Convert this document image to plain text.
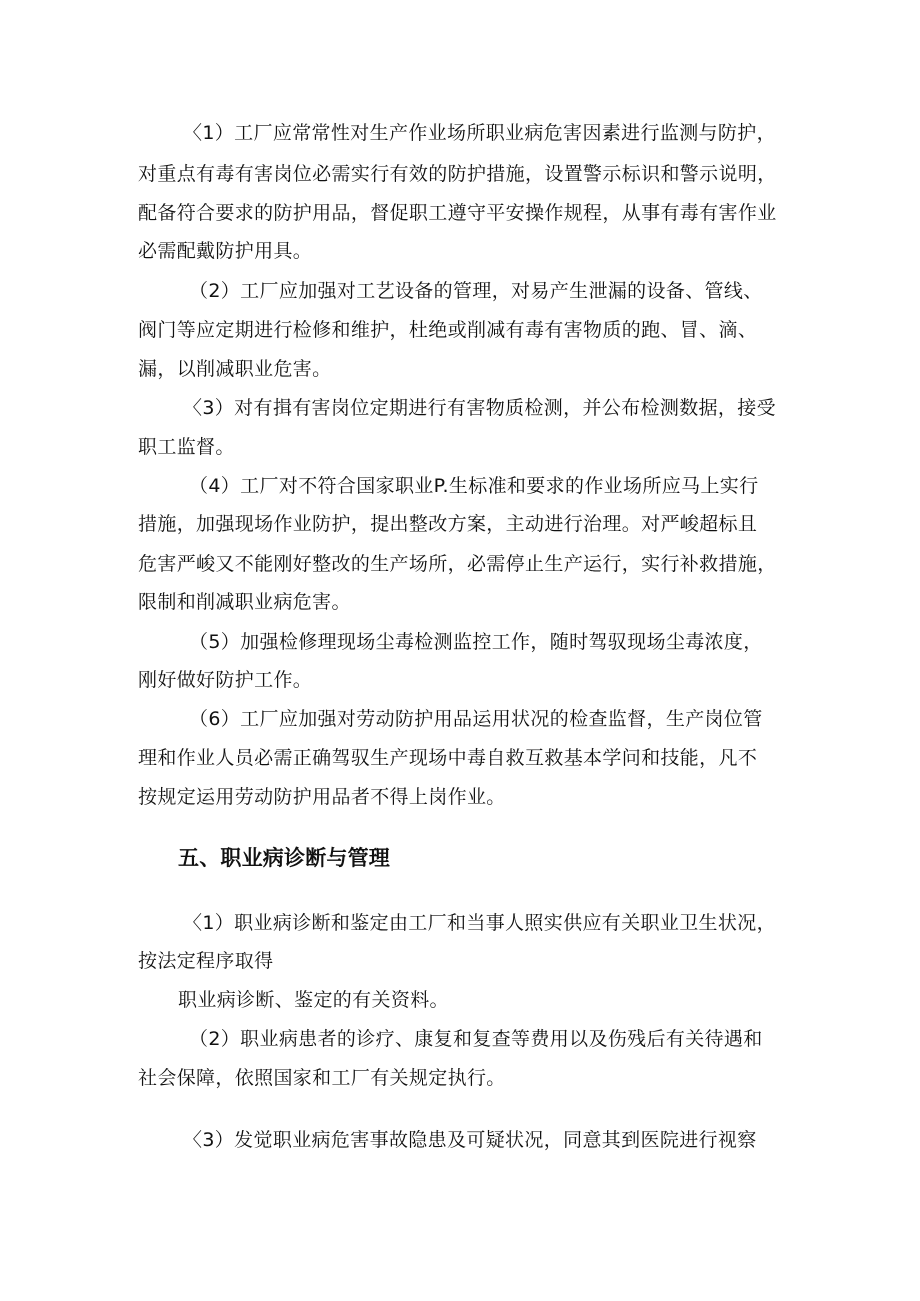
〈1）工厂应常常性对生产作业场所职业病危害因素进行监测与防护，
对重点有毒有害岗位必需实行有效的防护措施，设置警示标识和警示说明，
配备符合要求的防护用品，督促职工遵守平安操作规程，从事有毒有害作业
必需配戴防护用具。
（2）工厂应加强对工艺设备的管理，对易产生泄漏的设备、管线、
阀门等应定期进行检修和维护，杜绝或削减有毒有害物质的跑、冒、滴、
漏，以削减职业危害。
〈3）对有揖有害岗位定期进行有害物质检测，并公布检测数据，接受
职工监督。
（4）工厂对不符合国家职业P.生标准和要求的作业场所应马上实行
措施，加强现场作业防护，提出整改方案，主动进行治理。对严峻超标且
危害严峻又不能刚好整改的生产场所，必需停止生产运行，实行补救措施，
限制和削减职业病危害。
（5）加强检修理现场尘毒检测监控工作，随时驾驭现场尘毒浓度，
刚好做好防护工作。
（6）工厂应加强对劳动防护用品运用状况的检查监督，生产岗位管
理和作业人员必需正确驾驭生产现场中毒自救互救基本学问和技能，凡不
按规定运用劳动防护用品者不得上岗作业。
五、职业病诊断与管理
〈1）职业病诊断和鉴定由工厂和当事人照实供应有关职业卫生状况，
按法定程序取得
职业病诊断、鉴定的有关资料。
（2）职业病患者的诊疗、康复和复查等费用以及伤残后有关待遇和
社会保障，依照国家和工厂有关规定执行。
〈3）发觉职业病危害事故隐患及可疑状况，同意其到医院进行视察
